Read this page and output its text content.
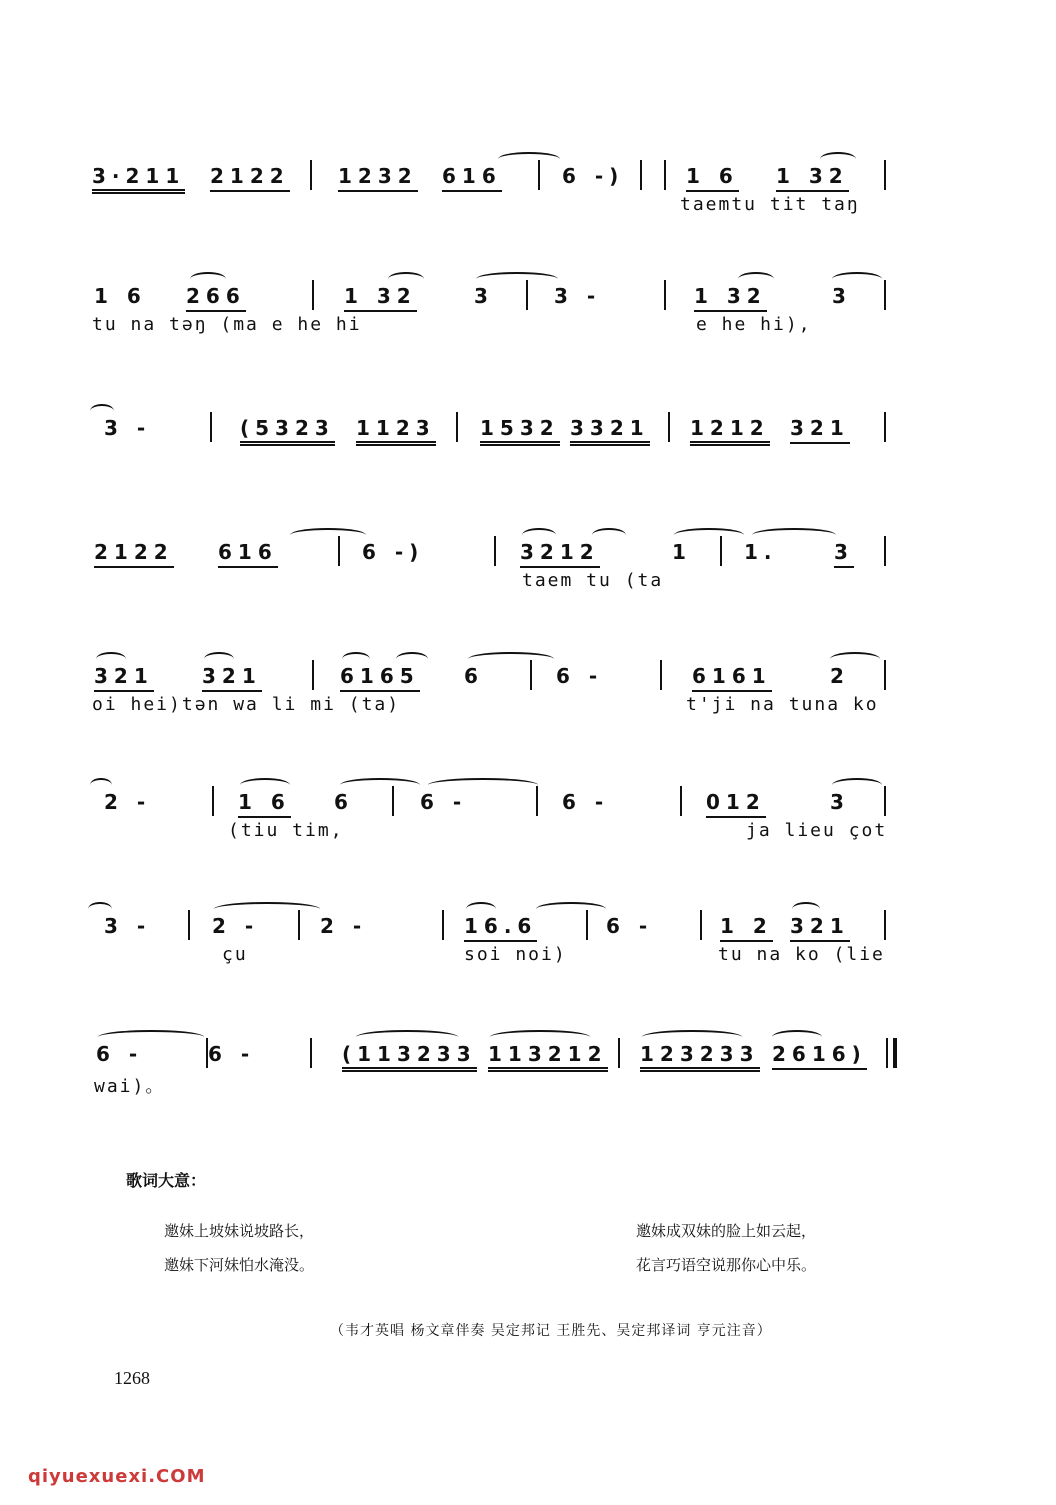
3·211 2122 1232 616	6 -)	1 6 1 32
taemtu tit taŋ
1 6 266	1 32	3	3 -	1 32	3
tu na tәŋ (ma e he hi	e he hi),
3 -	(5323 1123 1532 3321 1212 321
2122 616	6 -)	3212	1	1.	3
taem tu (ta
321 321	6165 6	6 -	6161	2
oi hei)tәn wa li mi (ta)	t'ji na tuna ko
2 -	1 6 6	6 -	6 -	012	3
(tiu tim,	ja lieu çot
3 -	2 -	2 -	16.6	6 -	1 2 321
çu	soi noi)	tu na ko (lie
6 -	6 -	(113233 113212 123233 2616)
wai)。
歌词大意：
邀妹上坡妹说坡路长，
邀妹下河妹怕水淹没。
邀妹成双妹的脸上如云起，
花言巧语空说那你心中乐。
（韦才英唱 杨文章伴奏 吴定邦记 王胜先、吴定邦译词 亨元注音）
1268
qiyuexuexi.COM
